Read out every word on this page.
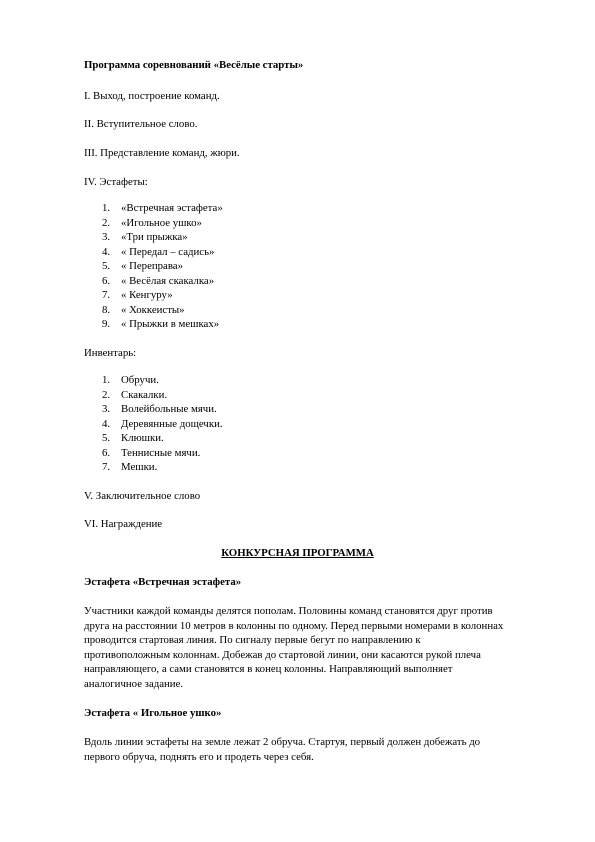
Программа соревнований «Весёлые старты»
I. Выход, построение команд.
II. Вступительное слово.
III. Представление команд, жюри.
IV. Эстафеты:
1. «Встречная эстафета»
2. «Игольное ушко»
3. «Три прыжка»
4. « Передал – садись»
5. « Переправа»
6. « Весёлая скакалка»
7. « Кенгуру»
8. « Хоккеисты»
9. « Прыжки в мешках»
Инвентарь:
1. Обручи.
2. Скакалки.
3. Волейбольные мячи.
4. Деревянные дощечки.
5. Клюшки.
6. Теннисные мячи.
7. Мешки.
V. Заключительное слово
VI. Награждение
КОНКУРСНАЯ ПРОГРАММА
Эстафета «Встречная эстафета»
Участники каждой команды делятся пополам. Половины команд становятся друг против
друга на расстоянии 10 метров в колонны по одному. Перед первыми номерами в колоннах
проводится стартовая линия. По сигналу первые бегут по направлению к
противоположным колоннам. Добежав до стартовой линии, они касаются рукой плеча
направляющего, а сами становятся в конец колонны. Направляющий выполняет
аналогичное задание.
Эстафета « Игольное ушко»
Вдоль линии эстафеты на земле лежат 2 обруча. Стартуя, первый должен добежать до
первого обруча, поднять его и продеть через себя.
